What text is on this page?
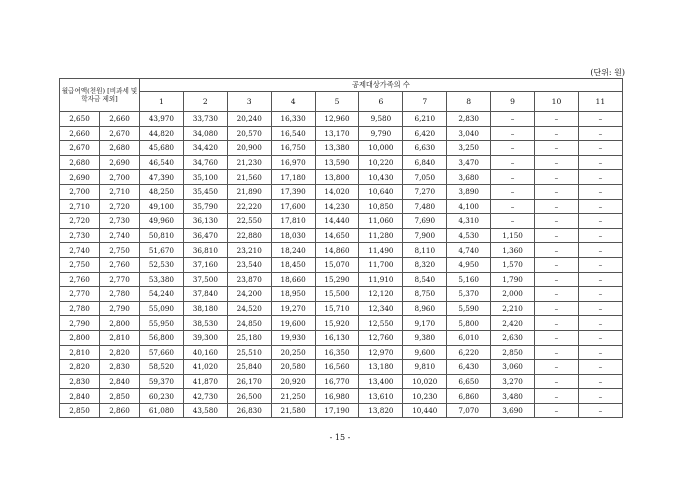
(단위: 원)
월급여액(천원) [비과세 및 학자금 제외]		공제대상가족의 수										
		1	2	3	4	5	6	7	8	9	10	11
2,650	2,660	43,970	33,730	20,240	16,330	12,960	9,580	6,210	2,830	–	–	–
2,660	2,670	44,820	34,080	20,570	16,540	13,170	9,790	6,420	3,040	–	–	–
2,670	2,680	45,680	34,420	20,900	16,750	13,380	10,000	6,630	3,250	–	–	–
2,680	2,690	46,540	34,760	21,230	16,970	13,590	10,220	6,840	3,470	–	–	–
2,690	2,700	47,390	35,100	21,560	17,180	13,800	10,430	7,050	3,680	–	–	–
2,700	2,710	48,250	35,450	21,890	17,390	14,020	10,640	7,270	3,890	–	–	–
2,710	2,720	49,100	35,790	22,220	17,600	14,230	10,850	7,480	4,100	–	–	–
2,720	2,730	49,960	36,130	22,550	17,810	14,440	11,060	7,690	4,310	–	–	–
2,730	2,740	50,810	36,470	22,880	18,030	14,650	11,280	7,900	4,530	1,150	–	–
2,740	2,750	51,670	36,810	23,210	18,240	14,860	11,490	8,110	4,740	1,360	–	–
2,750	2,760	52,530	37,160	23,540	18,450	15,070	11,700	8,320	4,950	1,570	–	–
2,760	2,770	53,380	37,500	23,870	18,660	15,290	11,910	8,540	5,160	1,790	–	–
2,770	2,780	54,240	37,840	24,200	18,950	15,500	12,120	8,750	5,370	2,000	–	–
2,780	2,790	55,090	38,180	24,520	19,270	15,710	12,340	8,960	5,590	2,210	–	–
2,790	2,800	55,950	38,530	24,850	19,600	15,920	12,550	9,170	5,800	2,420	–	–
2,800	2,810	56,800	39,300	25,180	19,930	16,130	12,760	9,380	6,010	2,630	–	–
2,810	2,820	57,660	40,160	25,510	20,250	16,350	12,970	9,600	6,220	2,850	–	–
2,820	2,830	58,520	41,020	25,840	20,580	16,560	13,180	9,810	6,430	3,060	–	–
2,830	2,840	59,370	41,870	26,170	20,920	16,770	13,400	10,020	6,650	3,270	–	–
2,840	2,850	60,230	42,730	26,500	21,250	16,980	13,610	10,230	6,860	3,480	–	–
2,850	2,860	61,080	43,580	26,830	21,580	17,190	13,820	10,440	7,070	3,690	–	–
- 15 -
